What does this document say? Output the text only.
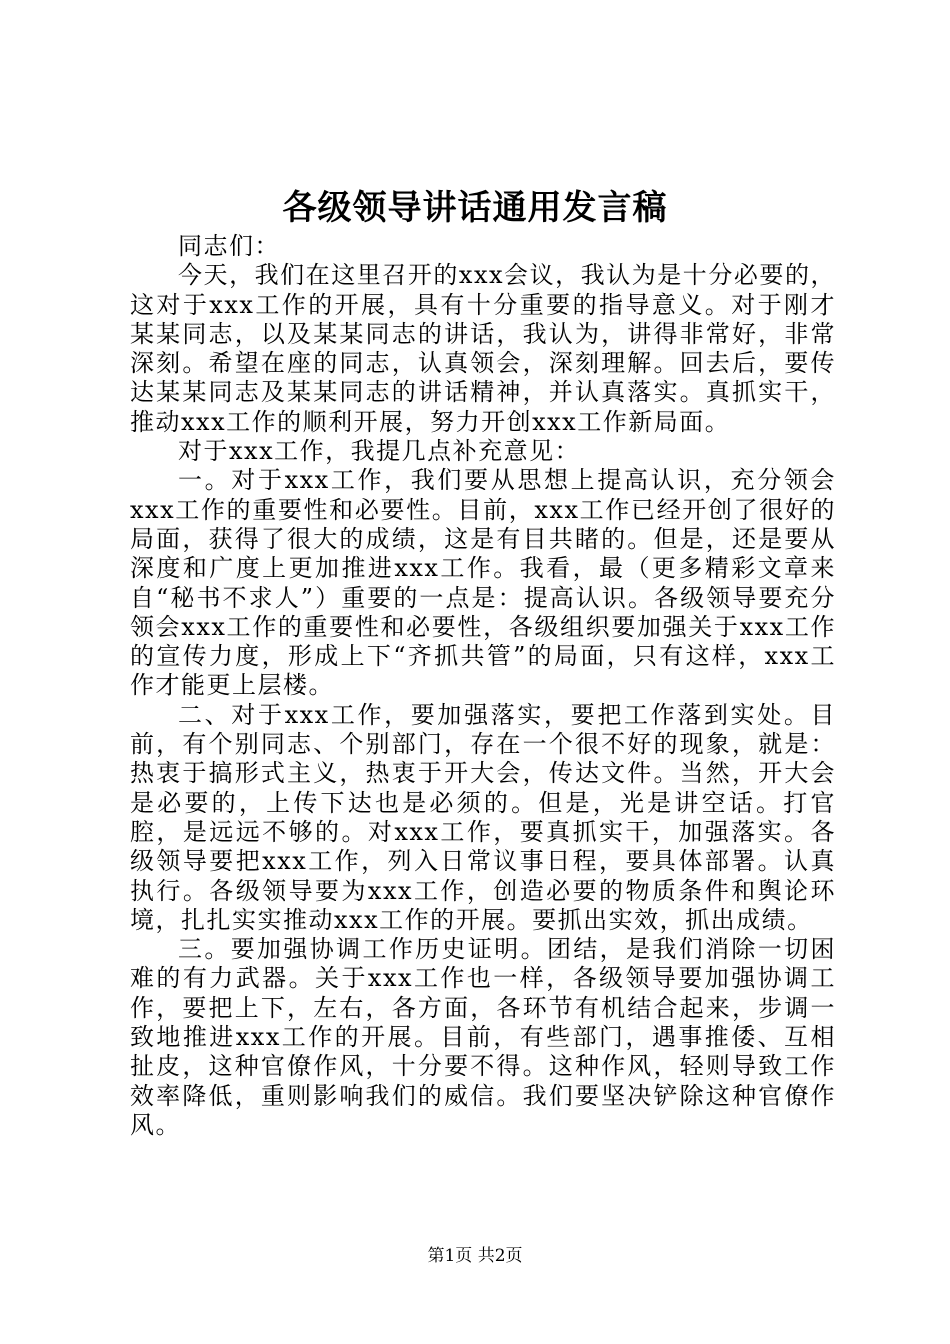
各级领导讲话通用发言稿

同志们：

今天，我们在这里召开的xxx会议，我认为是十分必要的，这对于xxx工作的开展，具有十分重要的指导意义。对于刚才某某同志，以及某某同志的讲话，我认为，讲得非常好，非常深刻。希望在座的同志，认真领会，深刻理解。回去后，要传达某某同志及某某同志的讲话精神，并认真落实。真抓实干，推动xxx工作的顺利开展，努力开创xxx工作新局面。

对于xxx工作，我提几点补充意见：

一。对于xxx工作，我们要从思想上提高认识，充分领会xxx工作的重要性和必要性。目前，xxx工作已经开创了很好的局面，获得了很大的成绩，这是有目共睹的。但是，还是要从深度和广度上更加推进xxx工作。我看，最（更多精彩文章来自“秘书不求人”）重要的一点是：提高认识。各级领导要充分领会xxx工作的重要性和必要性，各级组织要加强关于xxx工作的宣传力度，形成上下“齐抓共管”的局面，只有这样，xxx工作才能更上层楼。

二、对于xxx工作，要加强落实，要把工作落到实处。目前，有个别同志、个别部门，存在一个很不好的现象，就是：热衷于搞形式主义，热衷于开大会，传达文件。当然，开大会是必要的，上传下达也是必须的。但是，光是讲空话。打官腔，是远远不够的。对xxx工作，要真抓实干，加强落实。各级领导要把xxx工作，列入日常议事日程，要具体部署。认真执行。各级领导要为xxx工作，创造必要的物质条件和舆论环境，扎扎实实推动xxx工作的开展。要抓出实效，抓出成绩。

三。要加强协调工作历史证明。团结，是我们消除一切困难的有力武器。关于xxx工作也一样，各级领导要加强协调工作，要把上下，左右，各方面，各环节有机结合起来，步调一致地推进xxx工作的开展。目前，有些部门，遇事推倭、互相扯皮，这种官僚作风，十分要不得。这种作风，轻则导致工作效率降低，重则影响我们的威信。我们要坚决铲除这种官僚作风。

第1页 共2页
